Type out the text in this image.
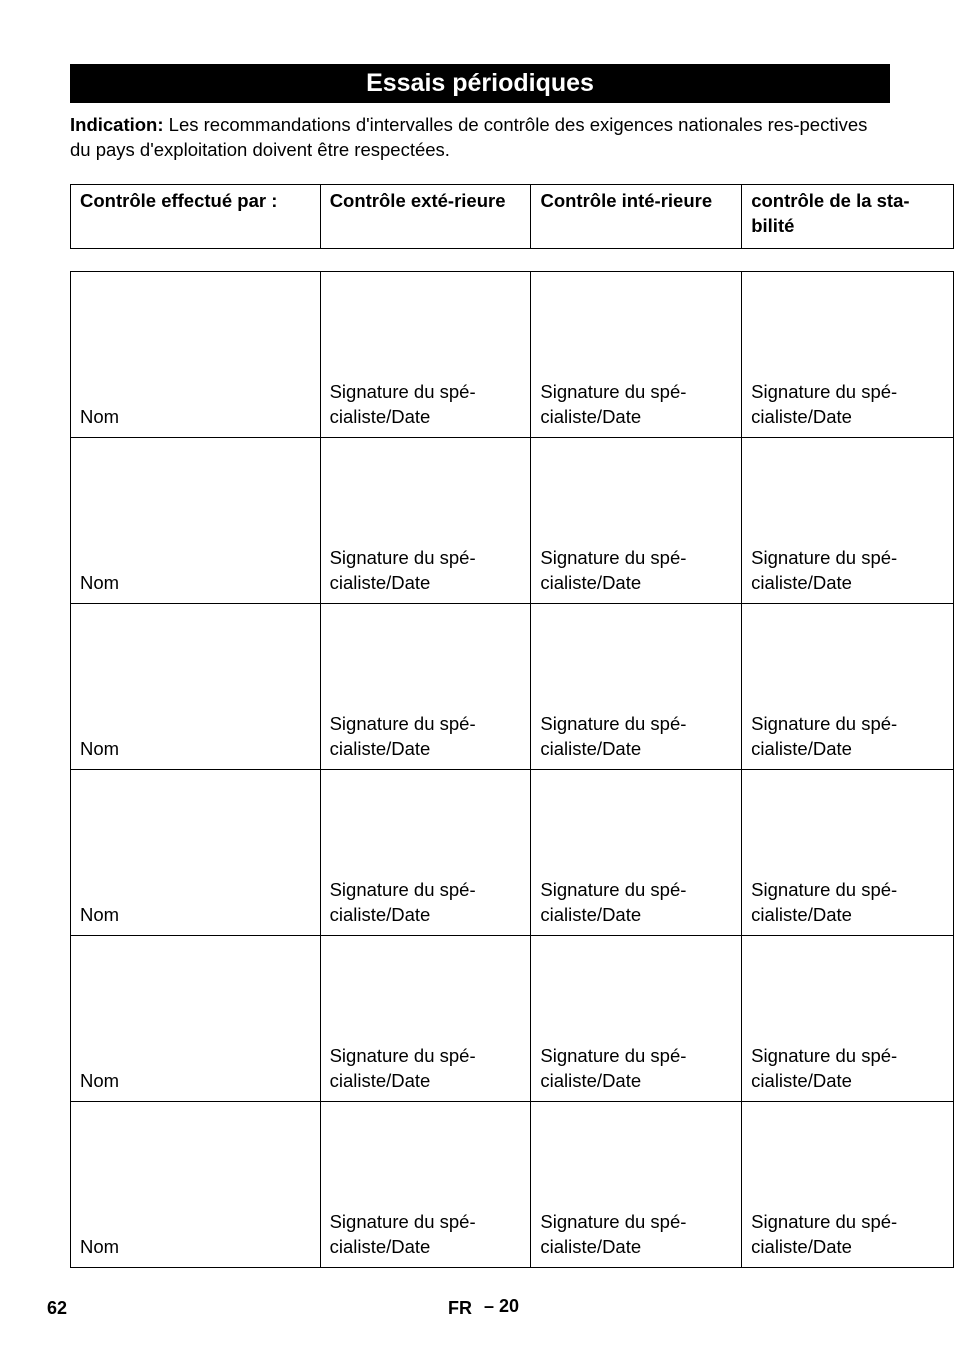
Essais périodiques
Indication: Les recommandations d'intervalles de contrôle des exigences nationales res-pectives du pays d'exploitation doivent être respectées.
Contrôle effectué par :	Contrôle exté-rieure	Contrôle inté-rieure	contrôle de la sta-bilité
Nom	Signature du spé-cialiste/Date	Signature du spé-cialiste/Date	Signature du spé-cialiste/Date
Nom	Signature du spé-cialiste/Date	Signature du spé-cialiste/Date	Signature du spé-cialiste/Date
Nom	Signature du spé-cialiste/Date	Signature du spé-cialiste/Date	Signature du spé-cialiste/Date
Nom	Signature du spé-cialiste/Date	Signature du spé-cialiste/Date	Signature du spé-cialiste/Date
Nom	Signature du spé-cialiste/Date	Signature du spé-cialiste/Date	Signature du spé-cialiste/Date
Nom	Signature du spé-cialiste/Date	Signature du spé-cialiste/Date	Signature du spé-cialiste/Date
62	FR – 20
